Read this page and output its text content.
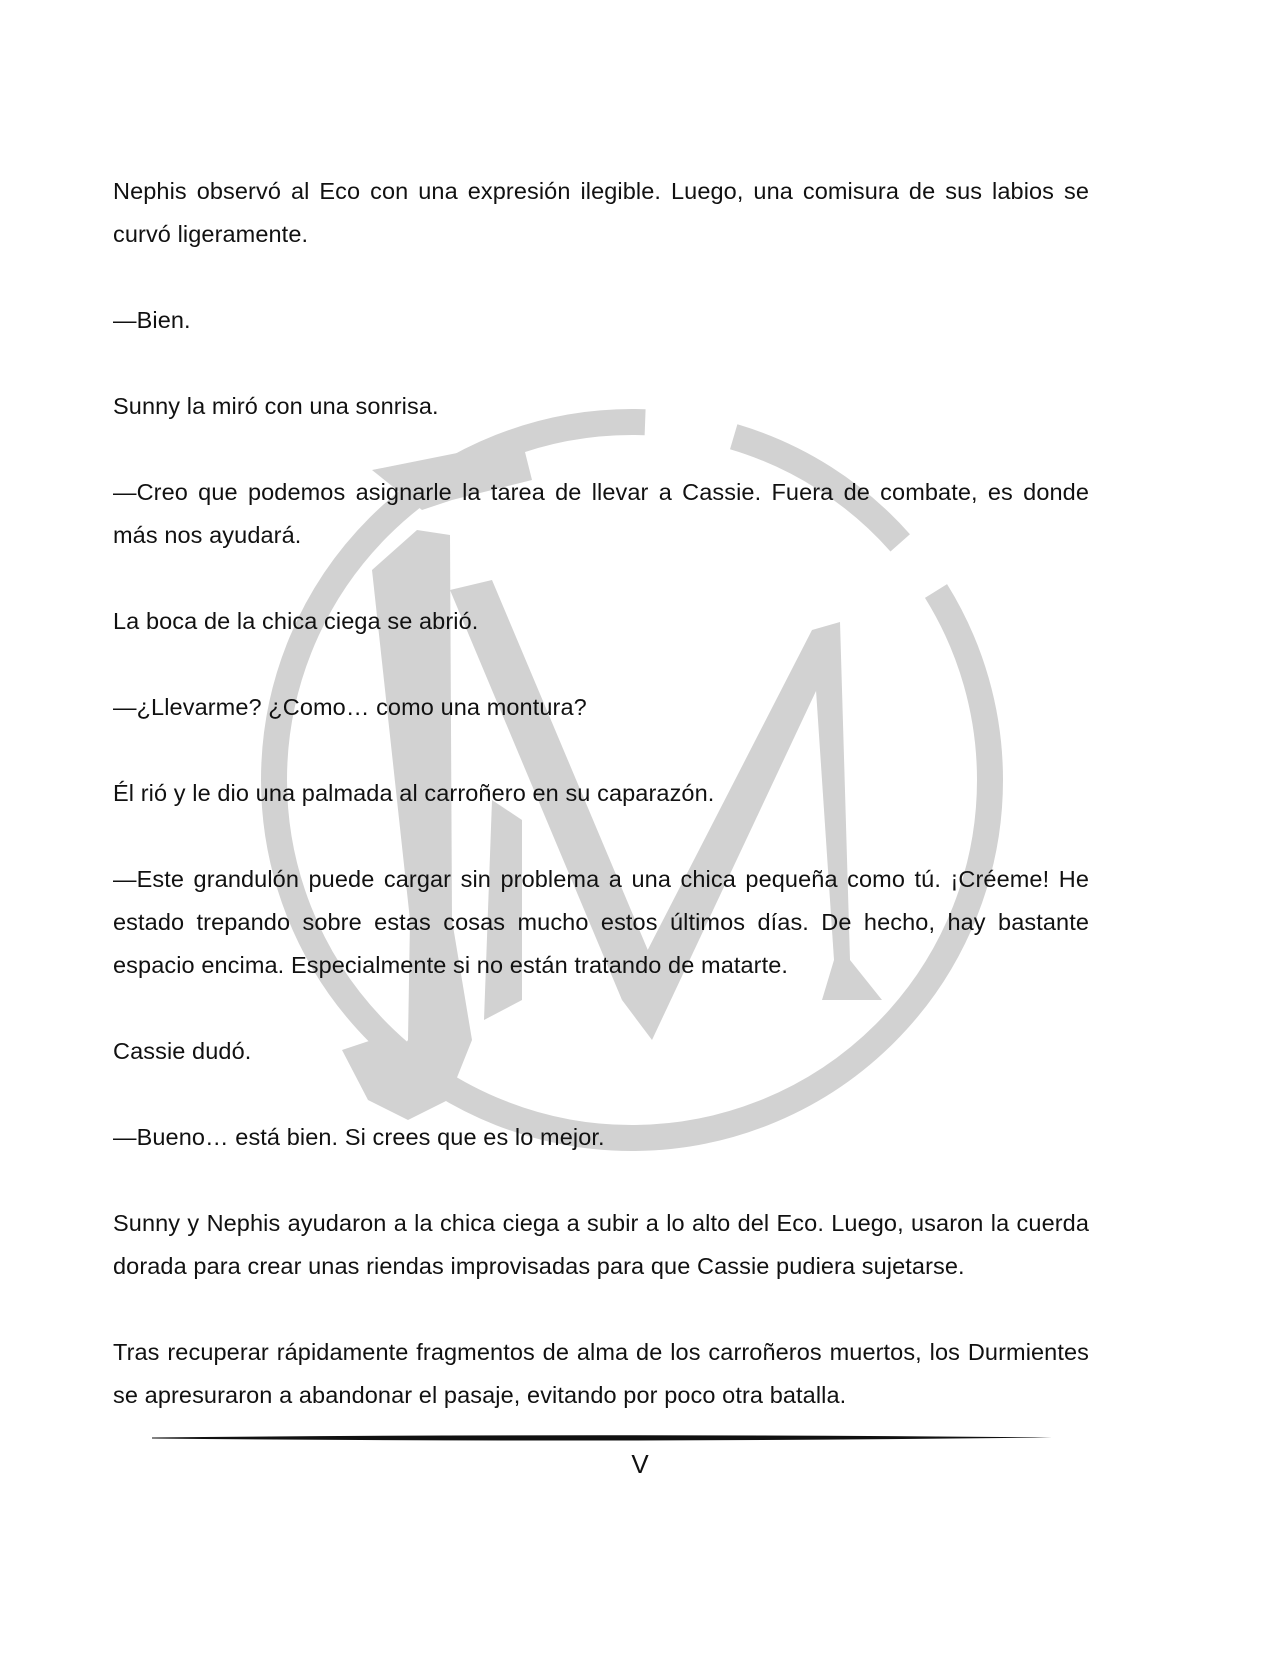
Nephis observó al Eco con una expresión ilegible. Luego, una comisura de sus labios se curvó ligeramente.

—Bien.

Sunny la miró con una sonrisa.

—Creo que podemos asignarle la tarea de llevar a Cassie. Fuera de combate, es donde más nos ayudará.

La boca de la chica ciega se abrió.

—¿Llevarme? ¿Como… como una montura?

Él rió y le dio una palmada al carroñero en su caparazón.

—Este grandulón puede cargar sin problema a una chica pequeña como tú. ¡Créeme! He estado trepando sobre estas cosas mucho estos últimos días. De hecho, hay bastante espacio encima. Especialmente si no están tratando de matarte.

Cassie dudó.

—Bueno… está bien. Si crees que es lo mejor.

Sunny y Nephis ayudaron a la chica ciega a subir a lo alto del Eco. Luego, usaron la cuerda dorada para crear unas riendas improvisadas para que Cassie pudiera sujetarse.

Tras recuperar rápidamente fragmentos de alma de los carroñeros muertos, los Durmientes se apresuraron a abandonar el pasaje, evitando por poco otra batalla.

V
